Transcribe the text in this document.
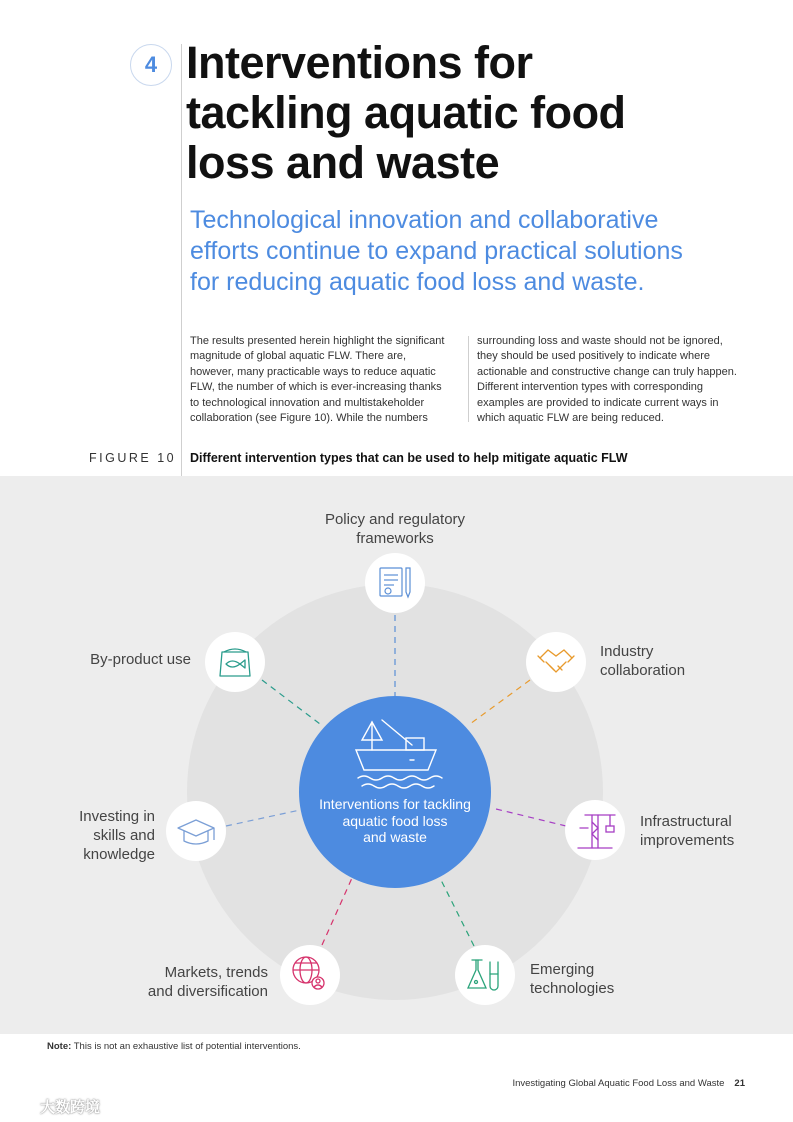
4 Interventions for
tackling aquatic food
loss and waste
Technological innovation and collaborative
efforts continue to expand practical solutions
for reducing aquatic food loss and waste.
The results presented herein highlight the significant
magnitude of global aquatic FLW. There are,
however, many practicable ways to reduce aquatic
FLW, the number of which is ever-increasing thanks
to technological innovation and multistakeholder
collaboration (see Figure 10). While the numbers
surrounding loss and waste should not be ignored,
they should be used positively to indicate where
actionable and constructive change can truly happen.
Different intervention types with corresponding
examples are provided to indicate current ways in
which aquatic FLW are being reduced.
FIGURE 10 Different intervention types that can be used to help mitigate aquatic FLW
Interventions for tackling
aquatic food loss
and waste
Policy and regulatory
frameworks
Industry
collaboration
Infrastructural
improvements
Emerging
technologies
Markets, trends
and diversification
Investing in
skills and
knowledge
By-product use
Note: This is not an exhaustive list of potential interventions.
Investigating Global Aquatic Food Loss and Waste 21
大数跨境
